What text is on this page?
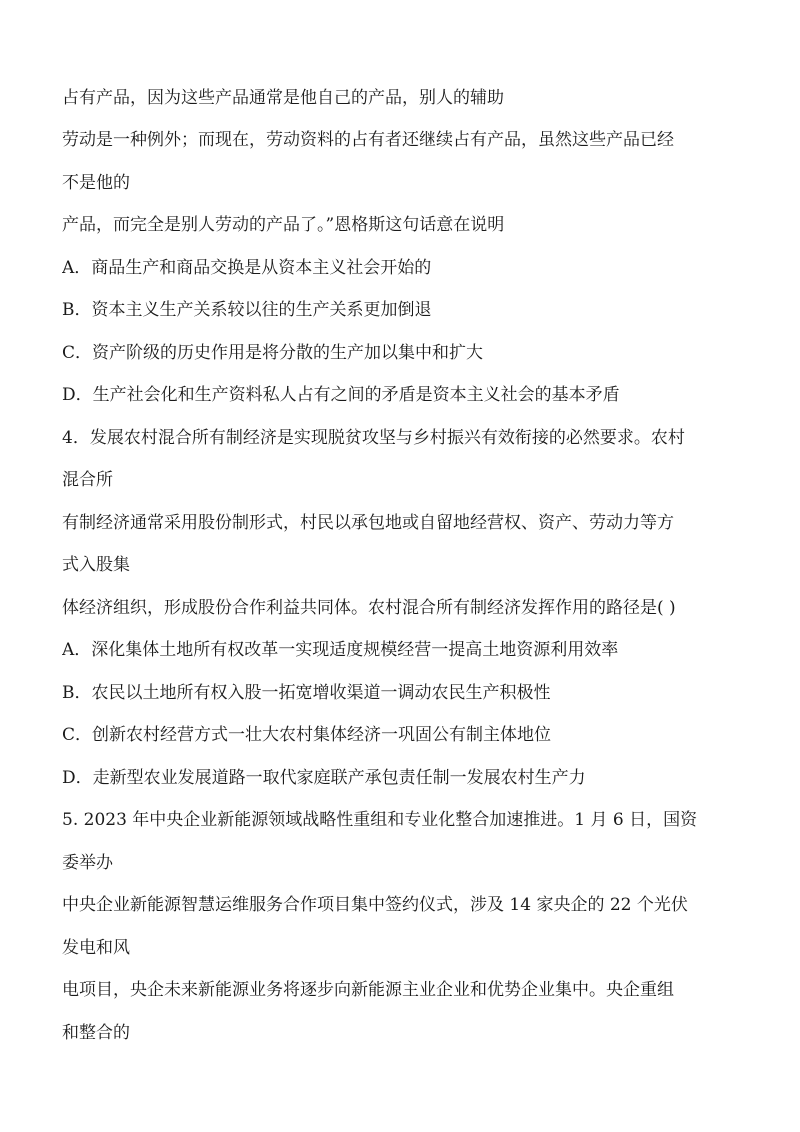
占有产品，因为这些产品通常是他自己的产品，别人的辅助
劳动是一种例外；而现在，劳动资料的占有者还继续占有产品，虽然这些产品已经
不是他的
产品，而完全是别人劳动的产品了。”恩格斯这句话意在说明
A．商品生产和商品交换是从资本主义社会开始的
B．资本主义生产关系较以往的生产关系更加倒退
C．资产阶级的历史作用是将分散的生产加以集中和扩大
D．生产社会化和生产资料私人占有之间的矛盾是资本主义社会的基本矛盾
4．发展农村混合所有制经济是实现脱贫攻坚与乡村振兴有效衔接的必然要求。农村
混合所
有制经济通常采用股份制形式，村民以承包地或自留地经营权、资产、劳动力等方
式入股集
体经济组织，形成股份合作利益共同体。农村混合所有制经济发挥作用的路径是( )
A．深化集体土地所有权改革一实现适度规模经营一提高土地资源利用效率
B．农民以土地所有权入股一拓宽增收渠道一调动农民生产积极性
C．创新农村经营方式一壮大农村集体经济一巩固公有制主体地位
D．走新型农业发展道路一取代家庭联产承包责任制一发展农村生产力
5. 2023 年中央企业新能源领域战略性重组和专业化整合加速推进。1 月 6 日，国资
委举办
中央企业新能源智慧运维服务合作项目集中签约仪式，涉及 14 家央企的 22 个光伏
发电和风
电项目，央企未来新能源业务将逐步向新能源主业企业和优势企业集中。央企重组
和整合的
